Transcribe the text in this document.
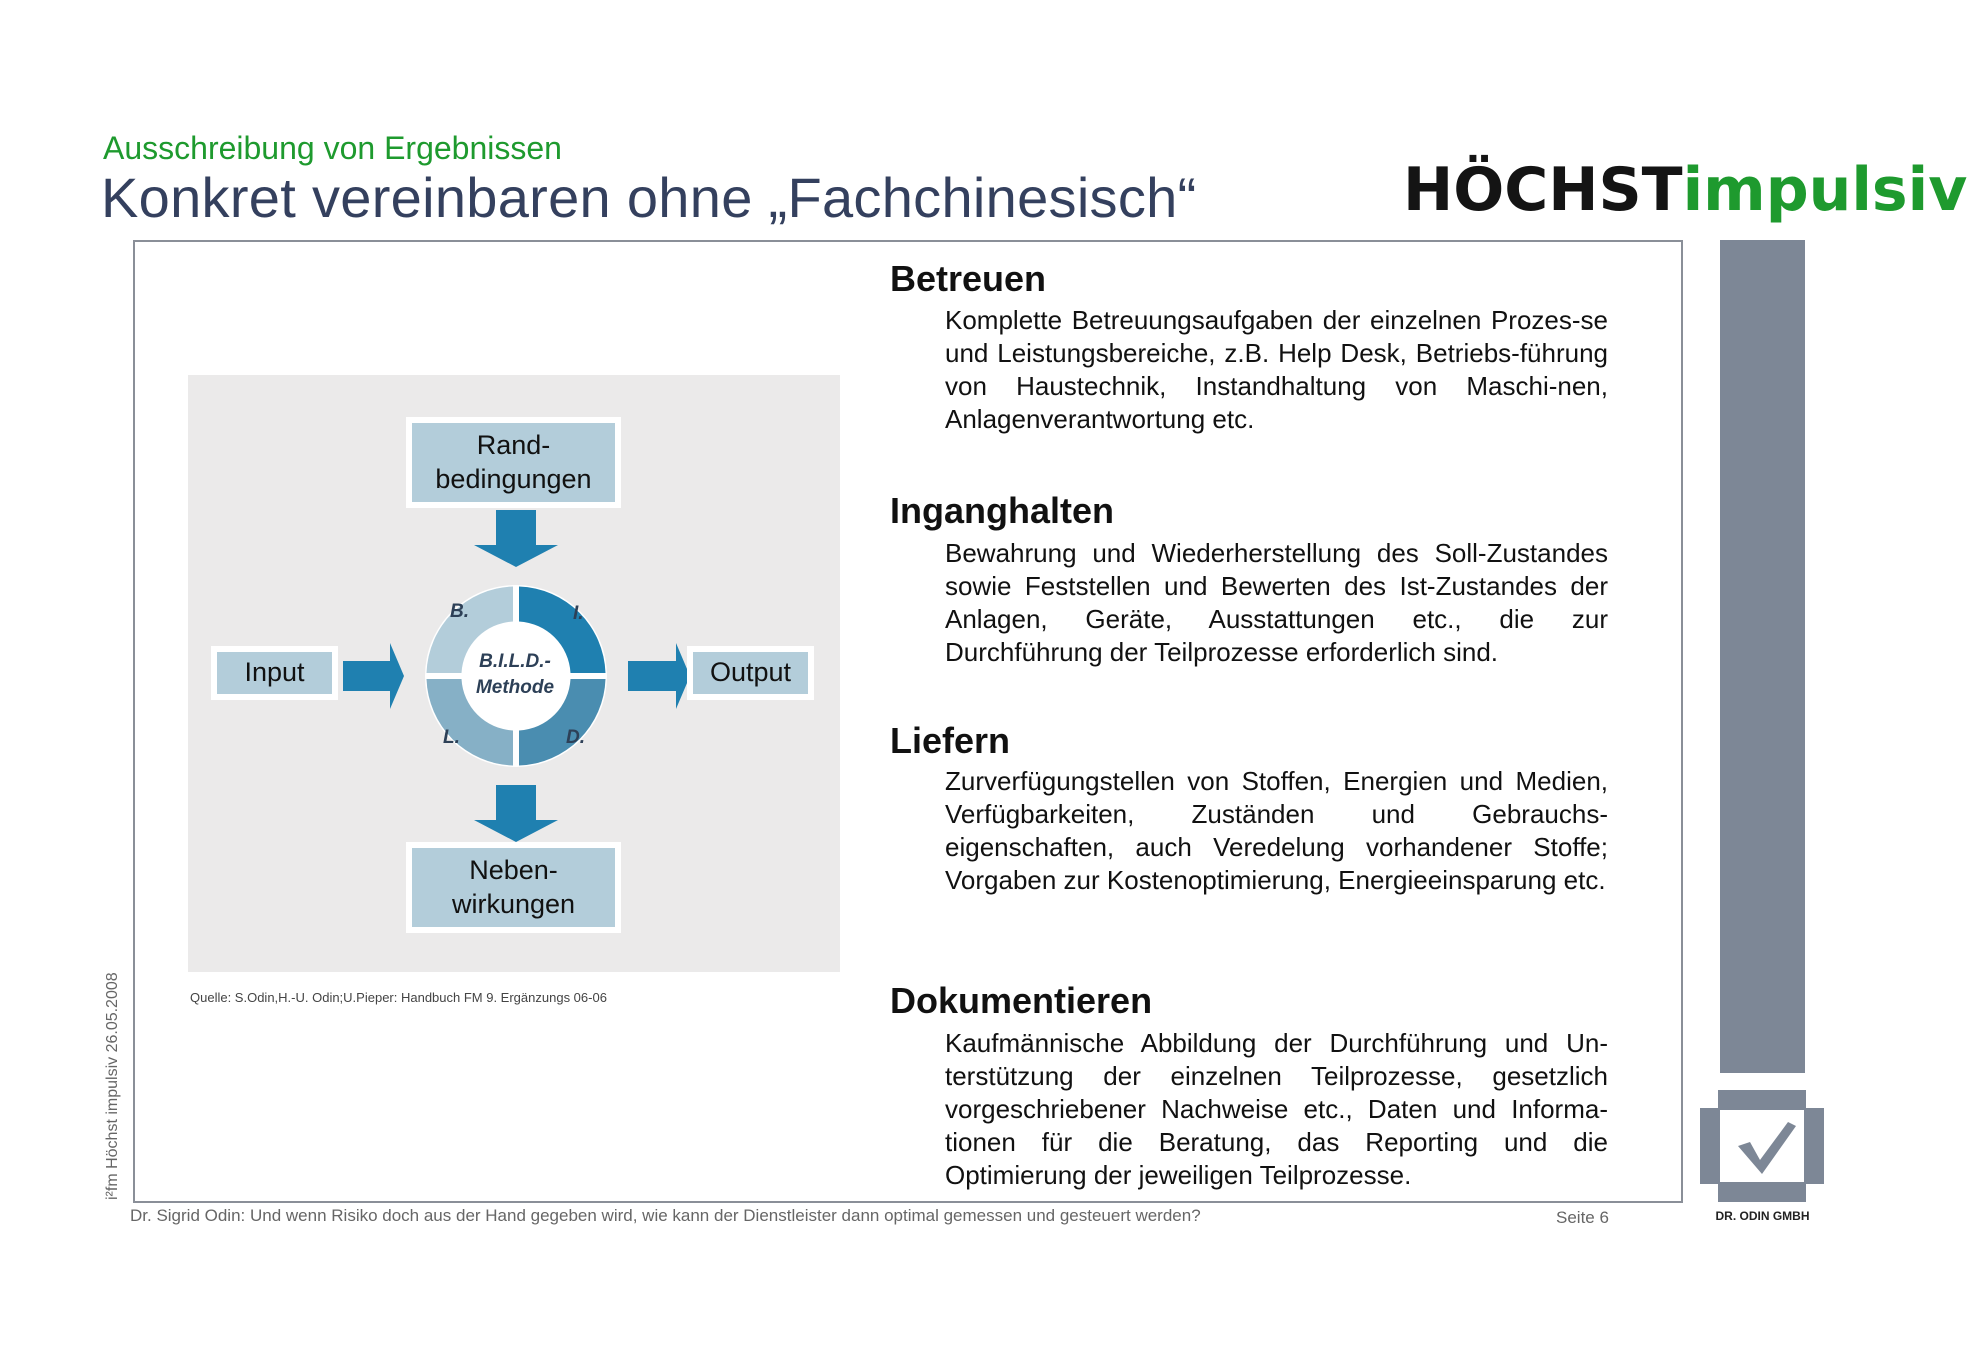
Ausschreibung von Ergebnissen
Konkret vereinbaren ohne „Fachchinesisch“	HÖCHSTimpulsiv
DR. ODIN GMBH
B.	I.
L.	D.
B.I.L.D.-
Methode
Rand-
bedingungen
Input	Output
Neben-
wirkungen
Quelle: S.Odin,H.-U. Odin;U.Pieper: Handbuch FM 9. Ergänzungs 06-06
Betreuen
Komplette Betreuungsaufgaben der einzelnen Prozes-se und Leistungsbereiche, z.B. Help Desk, Betriebs-führung von Haustechnik, Instandhaltung von Maschi-nen, Anlagenverantwortung etc.
Inganghalten
Bewahrung und Wiederherstellung des Soll-Zustandes sowie Feststellen und Bewerten des Ist-Zustandes der Anlagen, Geräte, Ausstattungen etc., die zur Durchführung der Teilprozesse erforderlich sind.
Liefern
Zurverfügungstellen von Stoffen, Energien und Medien, Verfügbarkeiten, Zuständen und Gebrauchs-eigenschaften, auch Veredelung vorhandener Stoffe; Vorgaben zur Kostenoptimierung, Energieeinsparung etc.
Dokumentieren
Kaufmännische Abbildung der Durchführung und Un-terstützung der einzelnen Teilprozesse, gesetzlich vorgeschriebener Nachweise etc., Daten und Informa-tionen für die Beratung, das Reporting und die Optimierung der jeweiligen Teilprozesse.
i²fm Höchst impulsiv 26.05.2008
Dr. Sigrid Odin: Und wenn Risiko doch aus der Hand gegeben wird, wie kann der Dienstleister dann optimal gemessen und gesteuert werden?	Seite 6
